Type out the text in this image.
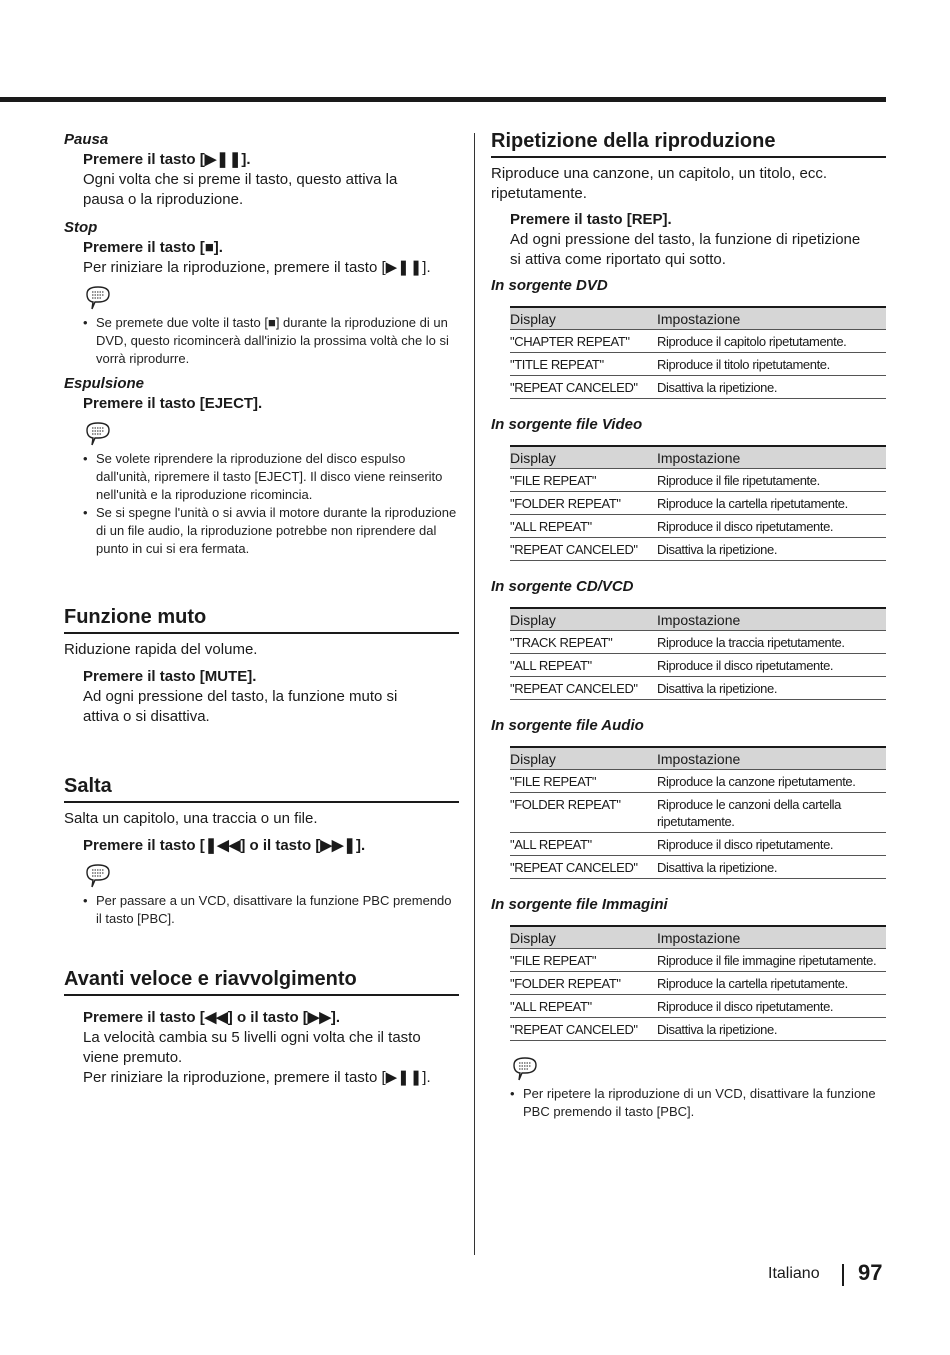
Pausa

Premere il tasto [▶❚❚].
Ogni volta che si preme il tasto, questo attiva la
pausa o la riproduzione.

Stop

Premere il tasto [■].
Per riniziare la riproduzione, premere il tasto [▶❚❚].
• Se premete due volte il tasto [■] durante la riproduzione di un DVD, questo ricomincerà dall'inizio la prossima voltà che lo si vorrà riprodurre.

Espulsione

Premere il tasto [EJECT].
• Se volete riprendere la riproduzione del disco espulso dall'unità, ripremere il tasto [EJECT]. Il disco viene reinserito nell'unità e la riproduzione ricomincia.
• Se si spegne l'unità o si avvia il motore durante la riproduzione di un file audio, la riproduzione potrebbe non riprendere dal punto in cui si era fermata.
Funzione muto
Riduzione rapida del volume.
Premere il tasto [MUTE].
Ad ogni pressione del tasto, la funzione muto si
attiva o si disattiva.
Salta
Salta un capitolo, una traccia o un file.
Premere il tasto [❚◀◀] o il tasto [▶▶❚].
• Per passare a un VCD, disattivare la funzione PBC premendo il tasto [PBC].
Avanti veloce e riavvolgimento
Premere il tasto [◀◀] o il tasto [▶▶].
La velocità cambia su 5 livelli ogni volta che il tasto
viene premuto.
Per riniziare la riproduzione, premere il tasto [▶❚❚].
Ripetizione della riproduzione
Riproduce una canzone, un capitolo, un titolo, ecc.
ripetutamente.
Premere il tasto [REP].
Ad ogni pressione del tasto, la funzione di ripetizione
si attiva come riportato qui sotto.

In sorgente DVD

Display	Impostazione
"CHAPTER REPEAT"	Riproduce il capitolo ripetutamente.
"TITLE REPEAT"	Riproduce il titolo ripetutamente.
"REPEAT CANCELED"	Disattiva la ripetizione.

In sorgente file Video

Display	Impostazione
"FILE REPEAT"	Riproduce il file ripetutamente.
"FOLDER REPEAT"	Riproduce la cartella ripetutamente.
"ALL REPEAT"	Riproduce il disco ripetutamente.
"REPEAT CANCELED"	Disattiva la ripetizione.

In sorgente CD/VCD

Display	Impostazione
"TRACK REPEAT"	Riproduce la traccia ripetutamente.
"ALL REPEAT"	Riproduce il disco ripetutamente.
"REPEAT CANCELED"	Disattiva la ripetizione.

In sorgente file Audio

Display	Impostazione
"FILE REPEAT"	Riproduce la canzone ripetutamente.
"FOLDER REPEAT"	Riproduce le canzoni della cartella ripetutamente.
"ALL REPEAT"	Riproduce il disco ripetutamente.
"REPEAT CANCELED"	Disattiva la ripetizione.

In sorgente file Immagini

Display	Impostazione
"FILE REPEAT"	Riproduce il file immagine ripetutamente.
"FOLDER REPEAT"	Riproduce la cartella ripetutamente.
"ALL REPEAT"	Riproduce il disco ripetutamente.
"REPEAT CANCELED"	Disattiva la ripetizione.
• Per ripetere la riproduzione di un VCD, disattivare la funzione PBC premendo il tasto [PBC].
Italiano 97
